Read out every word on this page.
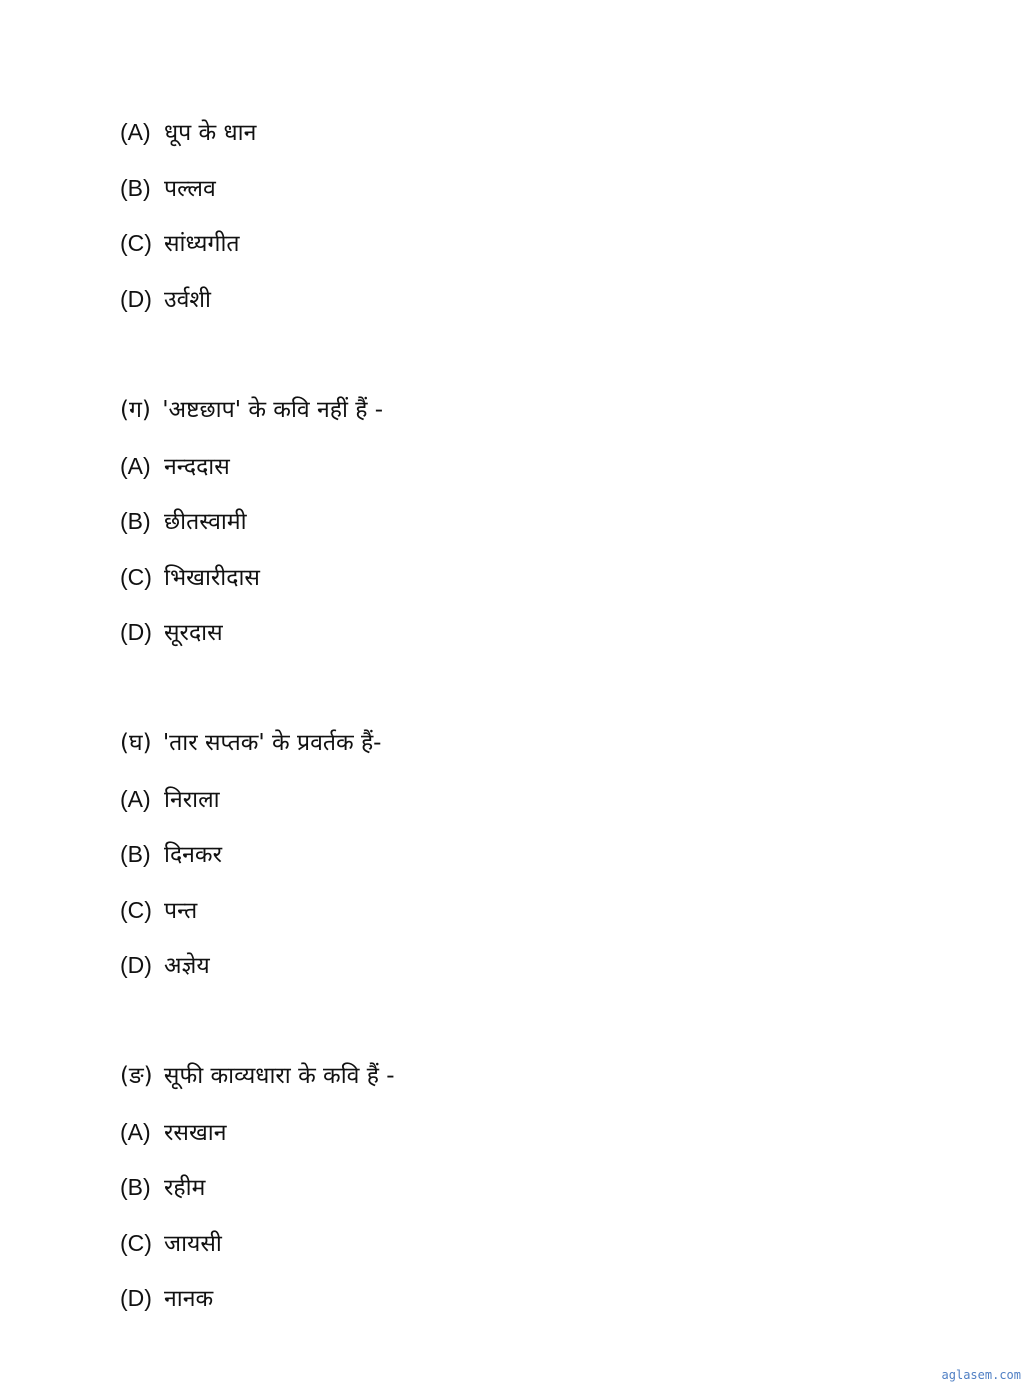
(A) धूप के धान
(B) पल्लव
(C) सांध्यगीत
(D) उर्वशी
(ग) 'अष्टछाप' के कवि नहीं हैं -
(A) नन्ददास
(B) छीतस्वामी
(C) भिखारीदास
(D) सूरदास
(घ) 'तार सप्तक' के प्रवर्तक हैं-
(A) निराला
(B) दिनकर
(C) पन्त
(D) अज्ञेय
(ङ) सूफी काव्यधारा के कवि हैं -
(A) रसखान
(B) रहीम
(C) जायसी
(D) नानक
aglasem.com
